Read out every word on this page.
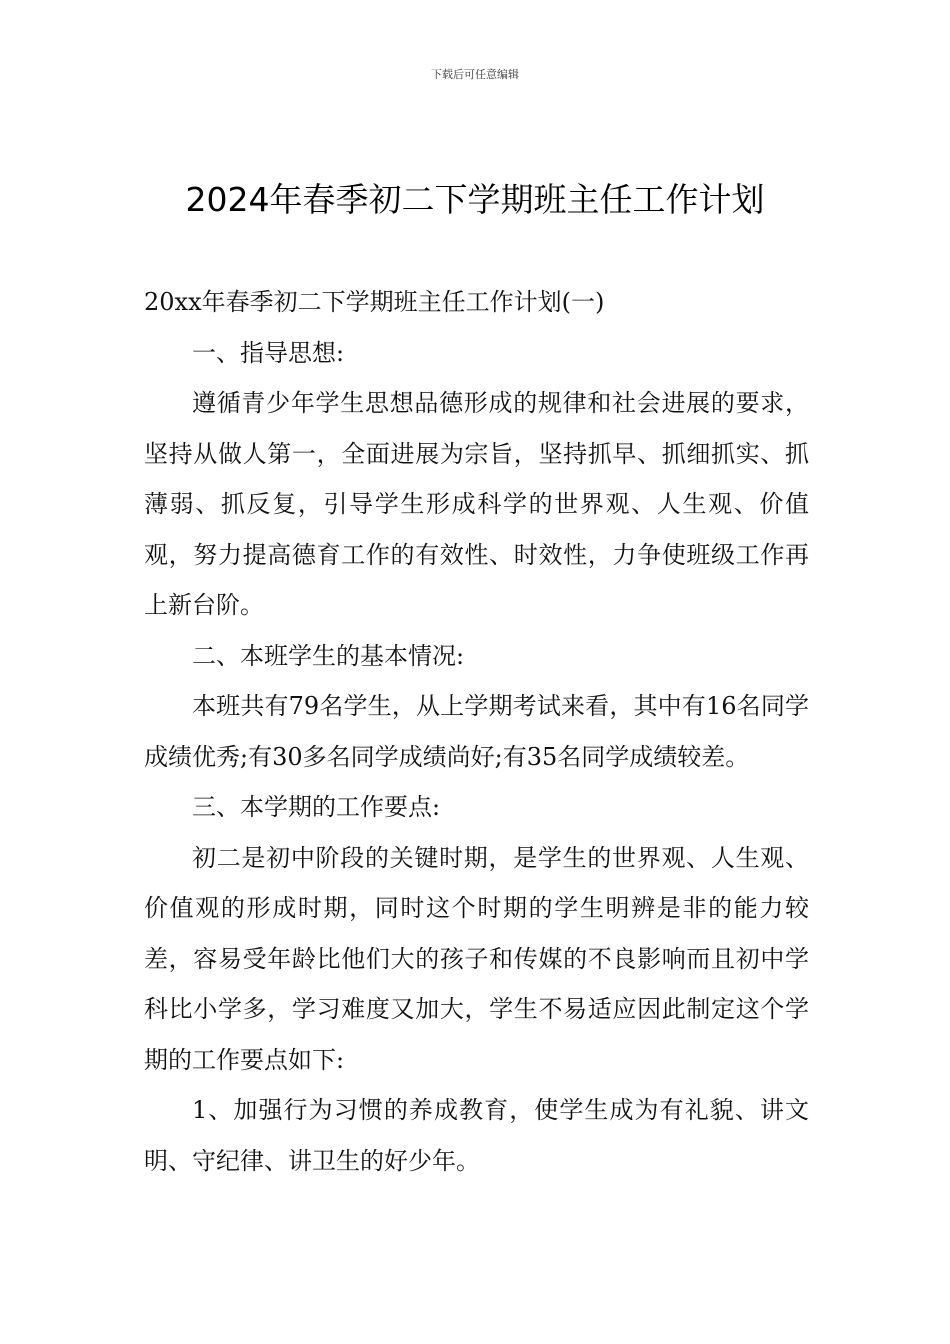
下载后可任意编辑
2024年春季初二下学期班主任工作计划

20xx年春季初二下学期班主任工作计划(一)

一、指导思想:

遵循青少年学生思想品德形成的规律和社会进展的要求，坚持从做人第一，全面进展为宗旨，坚持抓早、抓细抓实、抓薄弱、抓反复，引导学生形成科学的世界观、人生观、价值观，努力提高德育工作的有效性、时效性，力争使班级工作再上新台阶。

二、本班学生的基本情况:

本班共有79名学生，从上学期考试来看，其中有16名同学成绩优秀;有30多名同学成绩尚好;有35名同学成绩较差。

三、本学期的工作要点:

初二是初中阶段的关键时期，是学生的世界观、人生观、价值观的形成时期，同时这个时期的学生明辨是非的能力较差，容易受年龄比他们大的孩子和传媒的不良影响而且初中学科比小学多，学习难度又加大，学生不易适应因此制定这个学期的工作要点如下:

1、加强行为习惯的养成教育，使学生成为有礼貌、讲文明、守纪律、讲卫生的好少年。
